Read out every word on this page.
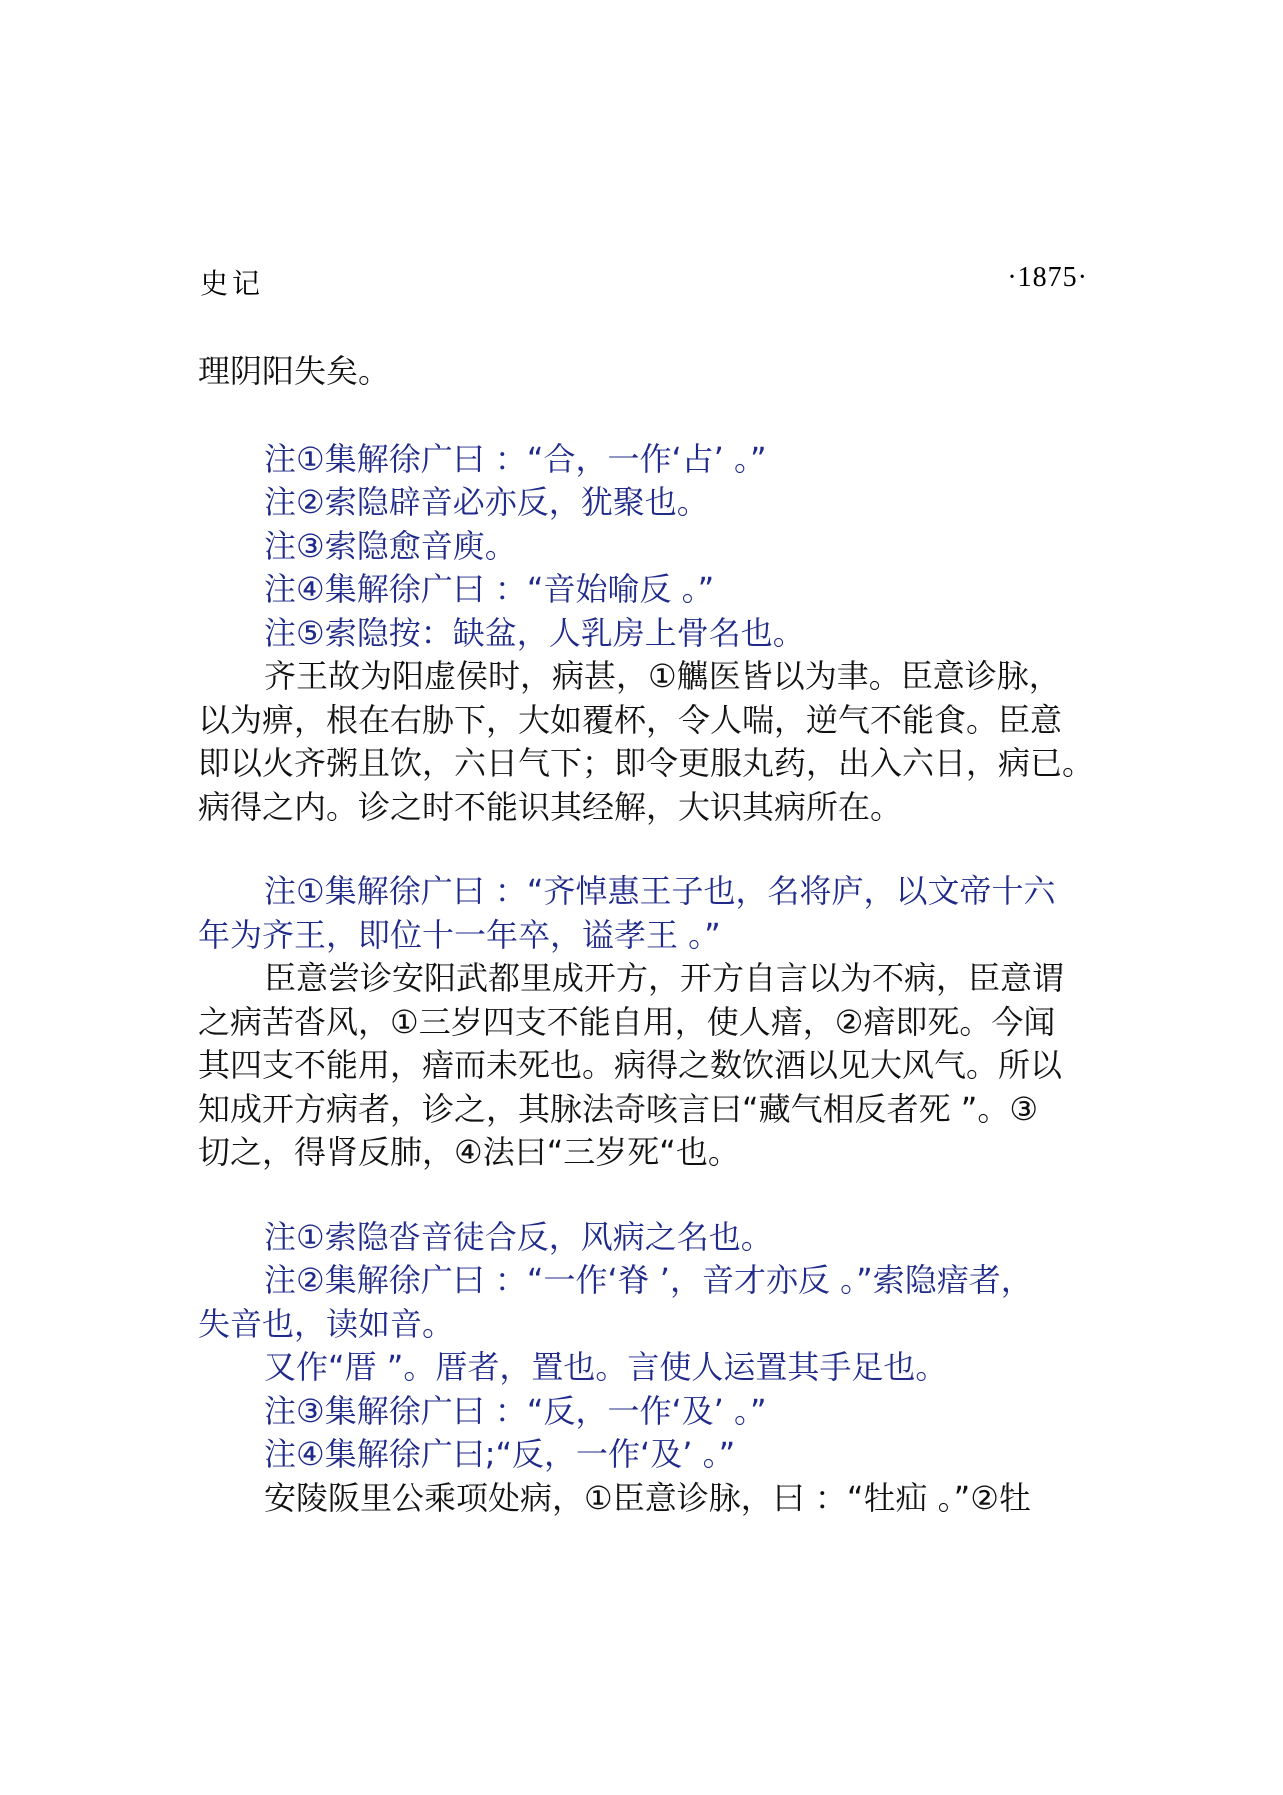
史记	·1875·
理阴阳失矣。
注①集解徐广曰 ：“合，一作‘占’ 。”
注②索隐辟音必亦反，犹聚也。
注③索隐愈音庾。
注④集解徐广曰 ：“音始喻反 。”
注⑤索隐按：缺盆，人乳房上骨名也。
齐王故为阳虚侯时，病甚，①觽医皆以为聿。臣意诊脉，
以为痹，根在右胁下，大如覆杯，令人喘，逆气不能食。臣意
即以火齐粥且饮，六日气下；即令更服丸药，出入六日，病已。
病得之内。诊之时不能识其经解，大识其病所在。
注①集解徐广曰 ：“齐悼惠王子也，名将庐，以文帝十六
年为齐王，即位十一年卒，谥孝王 。”
臣意尝诊安阳武都里成开方，开方自言以为不病，臣意谓
之病苦沓风，①三岁四支不能自用，使人瘖，②瘖即死。今闻
其四支不能用，瘖而未死也。病得之数饮酒以见大风气。所以
知成开方病者，诊之，其脉法奇咳言曰“藏气相反者死 ”。③
切之，得肾反肺，④法曰“三岁死“也。
注①索隐沓音徒合反，风病之名也。
注②集解徐广曰 ：“一作‘脊 ’，音才亦反 。”索隐瘖者，
失音也，读如音。
又作“厝 ”。厝者，置也。言使人运置其手足也。
注③集解徐广曰 ：“反，一作‘及’ 。”
注④集解徐广曰;“反，一作‘及’ 。”
安陵阪里公乘项处病，①臣意诊脉，曰 ：“牡疝 。”②牡
